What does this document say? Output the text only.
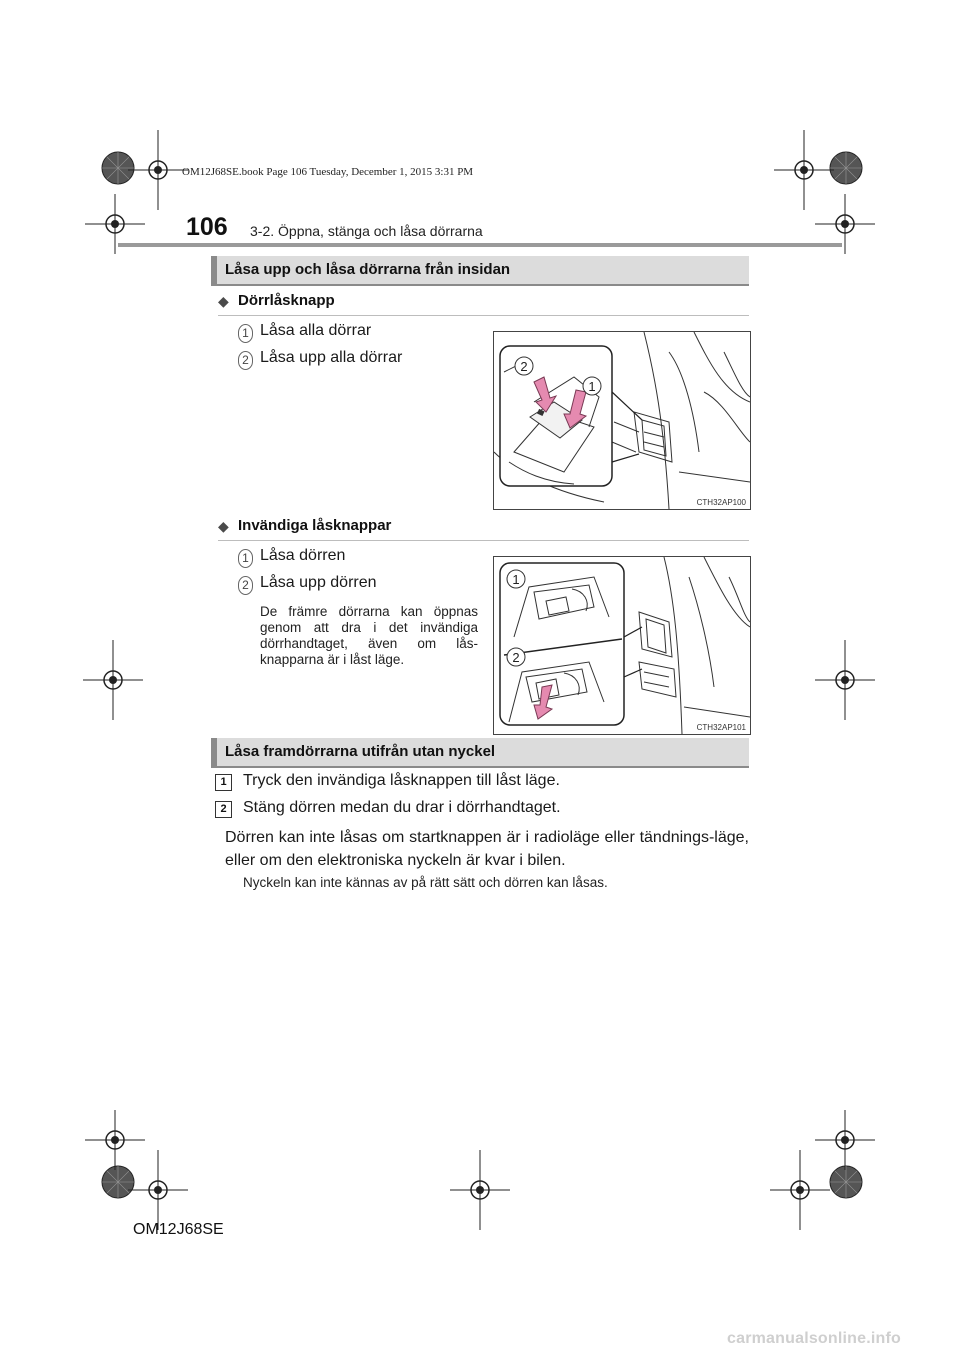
OM12J68SE.book Page 106 Tuesday, December 1, 2015 3:31 PM
106 3-2. Öppna, stänga och låsa dörrarna
Låsa upp och låsa dörrarna från insidan
◆ Dörrlåsknapp
1 Låsa alla dörrar
2 Låsa upp alla dörrar
2
1
CTH32AP100
◆ Invändiga låsknappar
1 Låsa dörren
2 Låsa upp dörren
De främre dörrarna kan öppnas genom att dra i det invändiga dörrhandtaget, även om lås-knapparna är i låst läge.
1
2
CTH32AP101
Låsa framdörrarna utifrån utan nyckel
1	Tryck den invändiga låsknappen till låst läge.
2	Stäng dörren medan du drar i dörrhandtaget.
Dörren kan inte låsas om startknappen är i radioläge eller tändnings-läge, eller om den elektroniska nyckeln är kvar i bilen.
Nyckeln kan inte kännas av på rätt sätt och dörren kan låsas.
OM12J68SE
carmanualsonline.info
